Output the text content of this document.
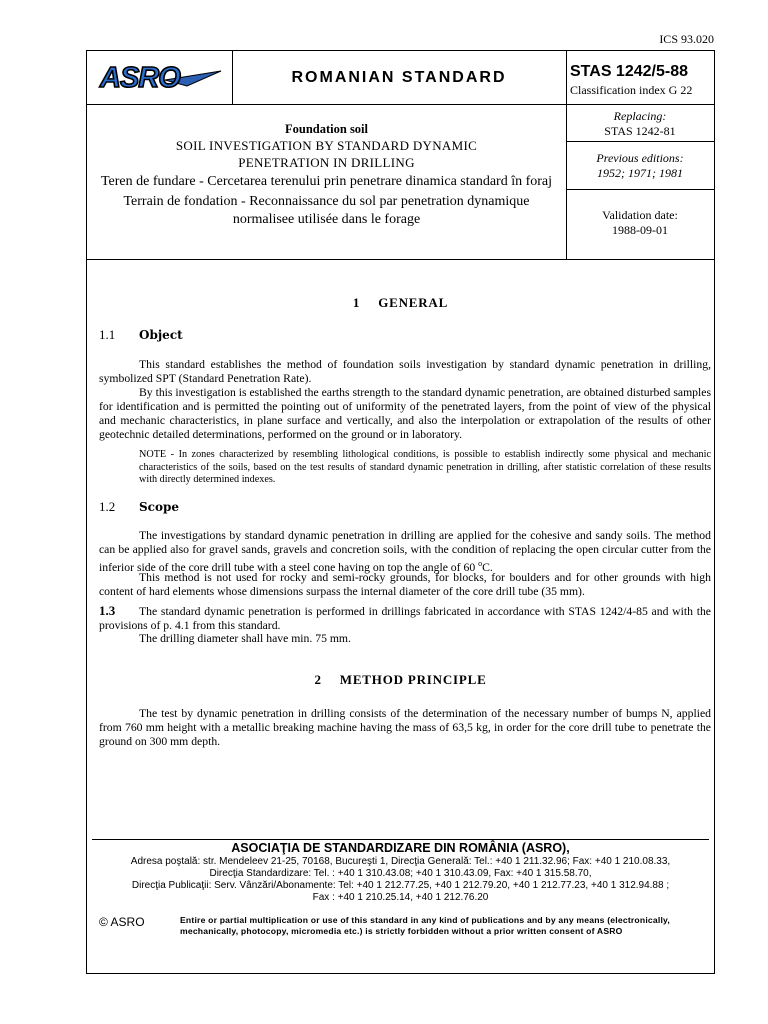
ICS 93.020
ASRO	ROMANIAN STANDARD	STAS 1242/5-88
Classification index G 22
Foundation soil
SOIL INVESTIGATION BY STANDARD DYNAMIC PENETRATION IN DRILLING
Teren de fundare - Cercetarea terenului prin penetrare dinamica standard în foraj
Terrain de fondation - Reconnaissance du sol par penetration dynamique normalisee utilisée dans le forage
Replacing:
STAS 1242-81
Previous editions:
1952; 1971; 1981
Validation date:
1988-09-01
1 GENERAL
1.1 Object
This standard establishes the method of foundation soils investigation by standard dynamic penetration in drilling, symbolized SPT (Standard Penetration Rate).
By this investigation is established the earths strength to the standard dynamic penetration, are obtained disturbed samples for identification and is permitted the pointing out of uniformity of the penetrated layers, from the point of view of the physical and mechanic characteristics, in plane surface and vertically, and also the interpolation or extrapolation of the results of other geotechnic detailed determinations, performed on the ground or in laboratory.
NOTE - In zones characterized by resembling lithological conditions, is possible to establish indirectly some physical and mechanic characteristics of the soils, based on the test results of standard dynamic penetration in drilling, after statistic correlation of these results with directly determined indexes.
1.2 Scope
The investigations by standard dynamic penetration in drilling are applied for the cohesive and sandy soils. The method can be applied also for gravel sands, gravels and concretion soils, with the condition of replacing the open circular cutter from the inferior side of the core drill tube with a steel cone having on top the angle of 60 $^o$C.
This method is not used for rocky and semi-rocky grounds, for blocks, for boulders and for other grounds with high content of hard elements whose dimensions surpass the internal diameter of the core drill tube (35 mm).
1.3 The standard dynamic penetration is performed in drillings fabricated in accordance with STAS 1242/4-85 and with the provisions of p. 4.1 from this standard.
The drilling diameter shall have min. 75 mm.
2 METHOD PRINCIPLE
The test by dynamic penetration in drilling consists of the determination of the necessary number of bumps N, applied from 760 mm height with a metallic breaking machine having the mass of 63,5 kg, in order for the core drill tube to penetrate the ground on 300 mm depth.
ASOCIAŢIA DE STANDARDIZARE DIN ROMÂNIA (ASRO),
Adresa poştală: str. Mendeleev 21-25, 70168, Bucureşti 1, Direcţia Generală: Tel.: +40 1 211.32.96; Fax: +40 1 210.08.33,
Direcţia Standardizare: Tel. : +40 1 310.43.08; +40 1 310.43.09, Fax: +40 1 315.58.70,
Direcţia Publicaţii: Serv. Vânzări/Abonamente: Tel: +40 1 212.77.25, +40 1 212.79.20, +40 1 212.77.23, +40 1 312.94.88 ;
Fax : +40 1 210.25.14, +40 1 212.76.20
© ASRO	Entire or partial multiplication or use of this standard in any kind of publications and by any means (electronically, mechanically, photocopy, micromedia etc.) is strictly forbidden without a prior written consent of ASRO
